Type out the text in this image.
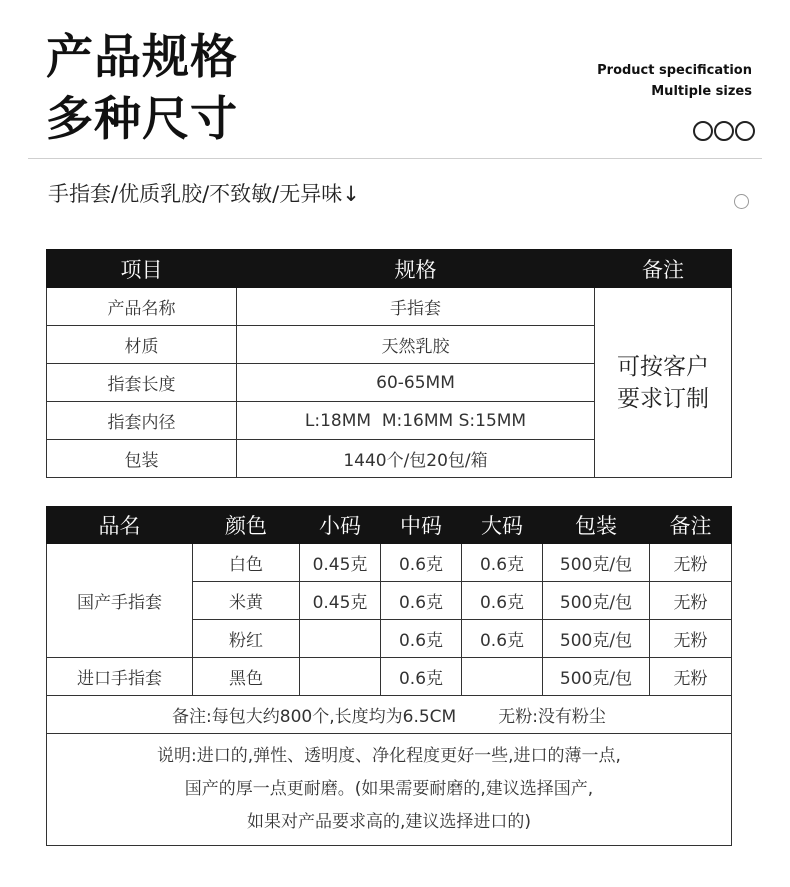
产品规格
多种尺寸
Product specification
Multiple sizes
手指套/优质乳胶/不致敏/无异味↓
项目	规格	备注
产品名称	手指套	可按客户
要求订制
材质	天然乳胶	
指套长度	60-65MM	
指套内径	L:18MM  M:16MM S:15MM	
包装	1440个/包20包/箱	
品名	颜色	小码	中码	大码	包装	备注
国产手指套	白色	0.45克	0.6克	0.6克	500克/包	无粉
	米黄	0.45克	0.6克	0.6克	500克/包	无粉
	粉红		0.6克	0.6克	500克/包	无粉
进口手指套	黑色		0.6克		500克/包	无粉
备注:每包大约800个,长度均为6.5CM 无粉:没有粉尘						
说明:进口的,弹性、透明度、净化程度更好一些,进口的薄一点,
国产的厚一点更耐磨。(如果需要耐磨的,建议选择国产,
如果对产品要求高的,建议选择进口的)						
